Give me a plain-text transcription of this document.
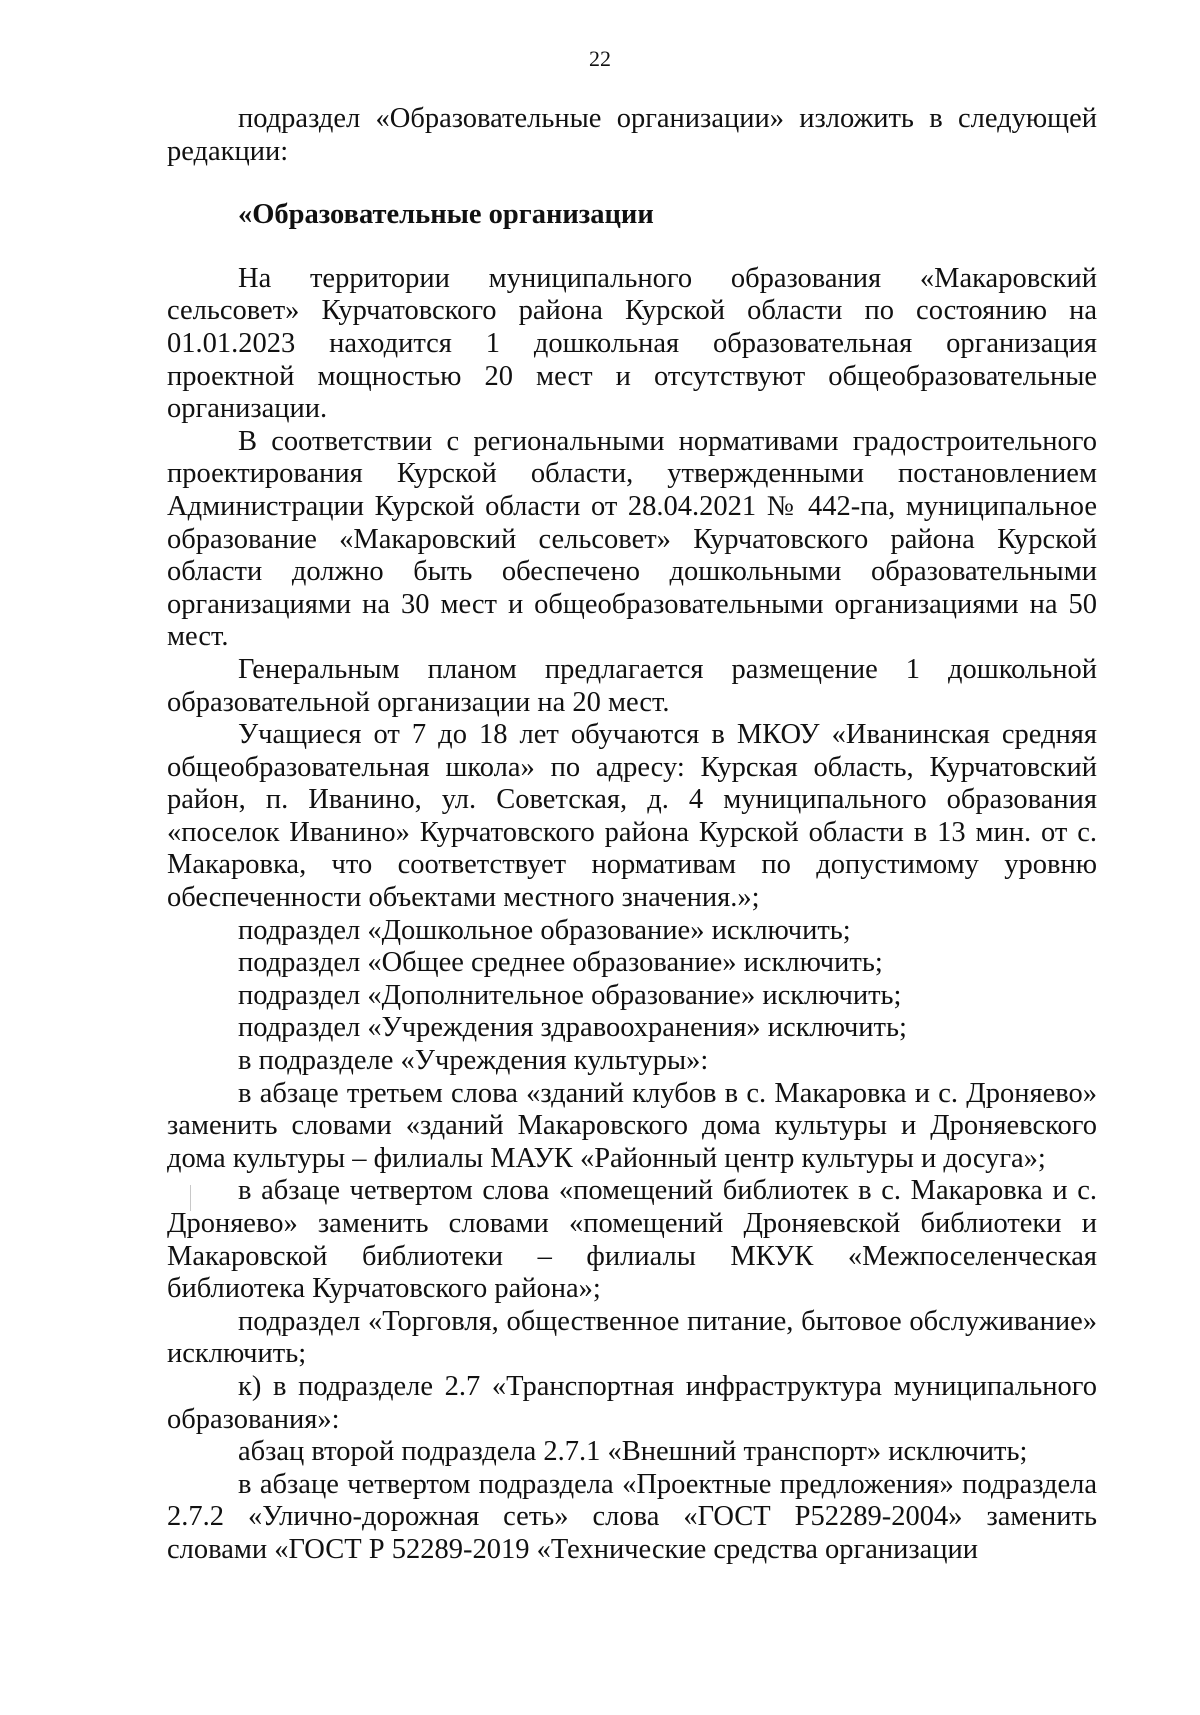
22

подраздел «Образовательные организации» изложить в следующей редакции:

«Образовательные организации

На территории муниципального образования «Макаровский сельсовет» Курчатовского района Курской области по состоянию на 01.01.2023 находится 1 дошкольная образовательная организация проектной мощностью 20 мест и отсутствуют общеобразовательные организации.

В соответствии с региональными нормативами градостроительного проектирования Курской области, утвержденными постановлением Администрации Курской области от 28.04.2021 № 442-па, муниципальное образование «Макаровский сельсовет» Курчатовского района Курской области должно быть обеспечено дошкольными образовательными организациями на 30 мест и общеобразовательными организациями на 50 мест.

Генеральным планом предлагается размещение 1 дошкольной образовательной организации на 20 мест.

Учащиеся от 7 до 18 лет обучаются в МКОУ «Иванинская средняя общеобразовательная школа» по адресу: Курская область, Курчатовский район, п. Иванино, ул. Советская, д. 4 муниципального образования «поселок Иванино» Курчатовского района Курской области в 13 мин. от с. Макаровка, что соответствует нормативам по допустимому уровню обеспеченности объектами местного значения.»;

подраздел «Дошкольное образование» исключить;

подраздел «Общее среднее образование» исключить;

подраздел «Дополнительное образование» исключить;

подраздел «Учреждения здравоохранения» исключить;

в подразделе «Учреждения культуры»:

в абзаце третьем слова «зданий клубов в с. Макаровка и с. Дроняево» заменить словами «зданий Макаровского дома культуры и Дроняевского дома культуры – филиалы МАУК «Районный центр культуры и досуга»;

в абзаце четвертом слова «помещений библиотек в с. Макаровка и с. Дроняево» заменить словами «помещений Дроняевской библиотеки и Макаровской библиотеки – филиалы МКУК «Межпоселенческая библиотека Курчатовского района»;

подраздел «Торговля, общественное питание, бытовое обслуживание» исключить;

к) в подразделе 2.7 «Транспортная инфраструктура муниципального образования»:

абзац второй подраздела 2.7.1 «Внешний транспорт» исключить;

в абзаце четвертом подраздела «Проектные предложения» подраздела 2.7.2 «Улично-дорожная сеть» слова «ГОСТ Р52289-2004» заменить словами «ГОСТ Р 52289-2019 «Технические средства организации
